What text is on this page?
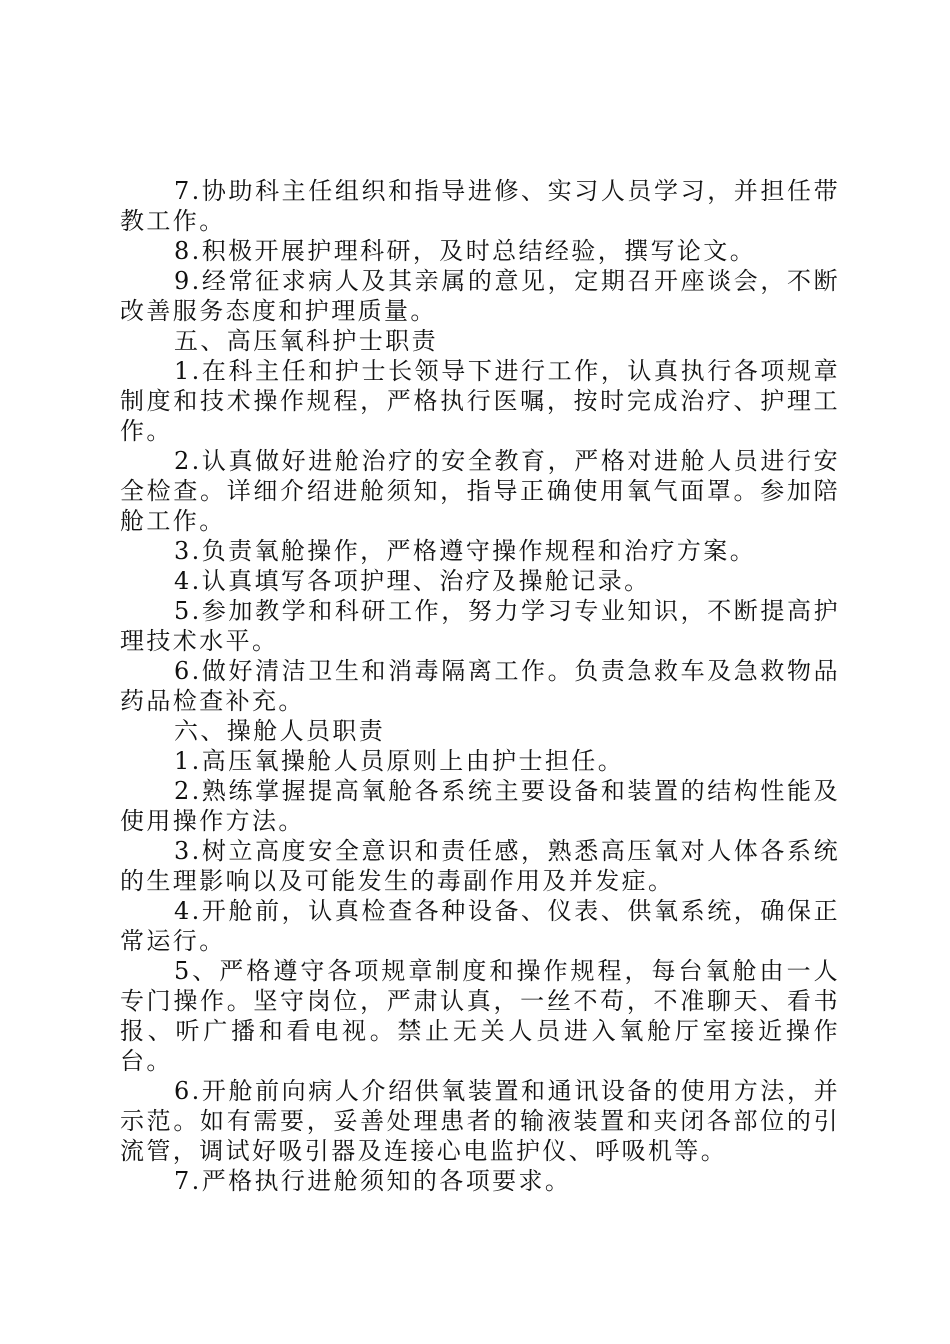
7.协助科主任组织和指导进修、实习人员学习，并担任带教工作。

8.积极开展护理科研，及时总结经验，撰写论文。

9.经常征求病人及其亲属的意见，定期召开座谈会，不断改善服务态度和护理质量。

五、高压氧科护士职责

1.在科主任和护士长领导下进行工作，认真执行各项规章制度和技术操作规程，严格执行医嘱，按时完成治疗、护理工作。

2.认真做好进舱治疗的安全教育，严格对进舱人员进行安全检查。详细介绍进舱须知，指导正确使用氧气面罩。参加陪舱工作。

3.负责氧舱操作，严格遵守操作规程和治疗方案。

4.认真填写各项护理、治疗及操舱记录。

5.参加教学和科研工作，努力学习专业知识，不断提高护理技术水平。

6.做好清洁卫生和消毒隔离工作。负责急救车及急救物品药品检查补充。

六、操舱人员职责

1.高压氧操舱人员原则上由护士担任。

2.熟练掌握提高氧舱各系统主要设备和装置的结构性能及使用操作方法。

3.树立高度安全意识和责任感，熟悉高压氧对人体各系统的生理影响以及可能发生的毒副作用及并发症。

4.开舱前，认真检查各种设备、仪表、供氧系统，确保正常运行。

5、严格遵守各项规章制度和操作规程，每台氧舱由一人专门操作。坚守岗位，严肃认真，一丝不苟，不准聊天、看书报、听广播和看电视。禁止无关人员进入氧舱厅室接近操作台。

6.开舱前向病人介绍供氧装置和通讯设备的使用方法，并示范。如有需要，妥善处理患者的输液装置和夹闭各部位的引流管，调试好吸引器及连接心电监护仪、呼吸机等。

7.严格执行进舱须知的各项要求。
